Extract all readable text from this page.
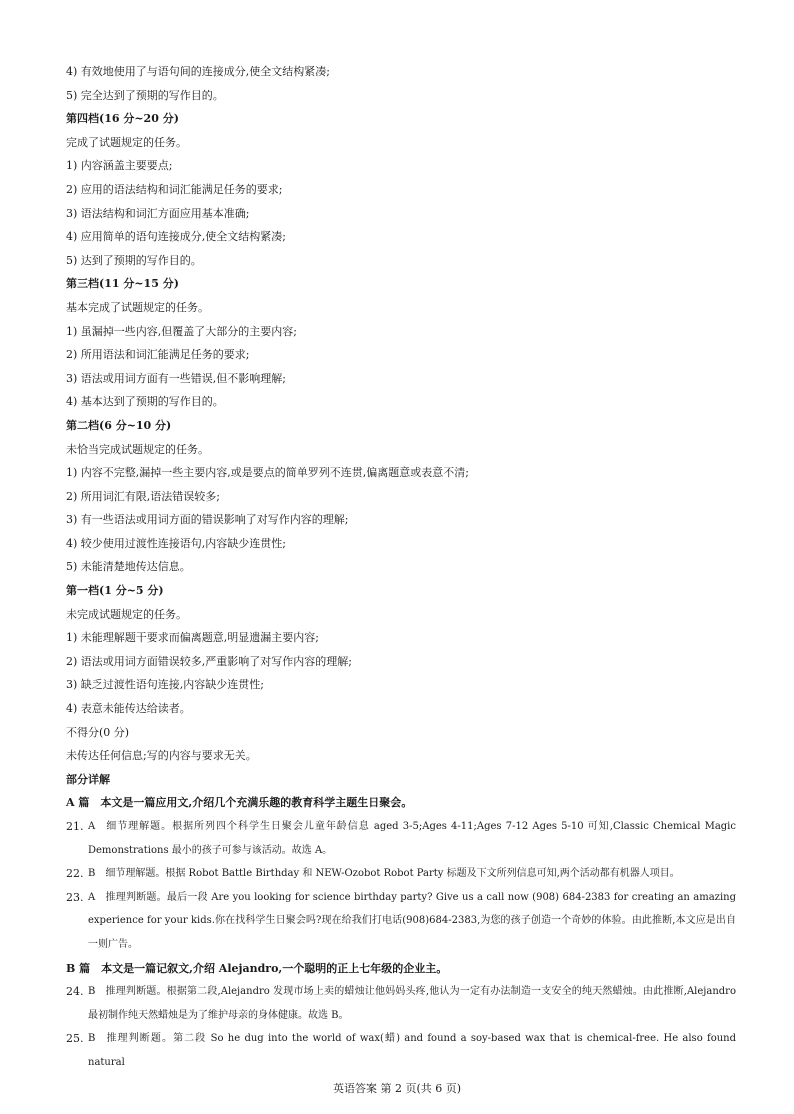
4) 有效地使用了与语句间的连接成分,使全文结构紧凑;
5) 完全达到了预期的写作目的。
第四档(16 分~20 分)
完成了试题规定的任务。
1) 内容涵盖主要要点;
2) 应用的语法结构和词汇能满足任务的要求;
3) 语法结构和词汇方面应用基本准确;
4) 应用简单的语句连接成分,使全文结构紧凑;
5) 达到了预期的写作目的。
第三档(11 分~15 分)
基本完成了试题规定的任务。
1) 虽漏掉一些内容,但覆盖了大部分的主要内容;
2) 所用语法和词汇能满足任务的要求;
3) 语法或用词方面有一些错误,但不影响理解;
4) 基本达到了预期的写作目的。
第二档(6 分~10 分)
未恰当完成试题规定的任务。
1) 内容不完整,漏掉一些主要内容,或是要点的简单罗列不连贯,偏离题意或表意不清;
2) 所用词汇有限,语法错误较多;
3) 有一些语法或用词方面的错误影响了对写作内容的理解;
4) 较少使用过渡性连接语句,内容缺少连贯性;
5) 未能清楚地传达信息。
第一档(1 分~5 分)
未完成试题规定的任务。
1) 未能理解题干要求而偏离题意,明显遗漏主要内容;
2) 语法或用词方面错误较多,严重影响了对写作内容的理解;
3) 缺乏过渡性语句连接,内容缺少连贯性;
4) 表意未能传达给读者。
不得分(0 分)
未传达任何信息;写的内容与要求无关。
部分详解
A 篇　本文是一篇应用文,介绍几个充满乐趣的教育科学主题生日聚会。
21. A 细节理解题。根据所列四个科学生日聚会儿童年龄信息 aged 3-5;Ages 4-11;Ages 7-12 Ages 5-10 可知,Classic Chemical Magic Demonstrations 最小的孩子可参与该活动。故选 A。
22. B 细节理解题。根据 Robot Battle Birthday 和 NEW-Ozobot Robot Party 标题及下文所列信息可知,两个活动都有机器人项目。
23. A 推理判断题。最后一段 Are you looking for science birthday party? Give us a call now (908) 684-2383 for creating an amazing experience for your kids.你在找科学生日聚会吗?现在给我们打电话(908)684-2383,为您的孩子创造一个奇妙的体验。由此推断,本文应是出自一则广告。
B 篇　本文是一篇记叙文,介绍 Alejandro,一个聪明的正上七年级的企业主。
24. B 推理判断题。根据第二段,Alejandro 发现市场上卖的蜡烛让他妈妈头疼,他认为一定有办法制造一支安全的纯天然蜡烛。由此推断,Alejandro 最初制作纯天然蜡烛是为了维护母亲的身体健康。故选 B。
25. B 推理判断题。第二段 So he dug into the world of wax(蜡) and found a soy-based wax that is chemical-free. He also found natural
英语答案 第 2 页(共 6 页)
